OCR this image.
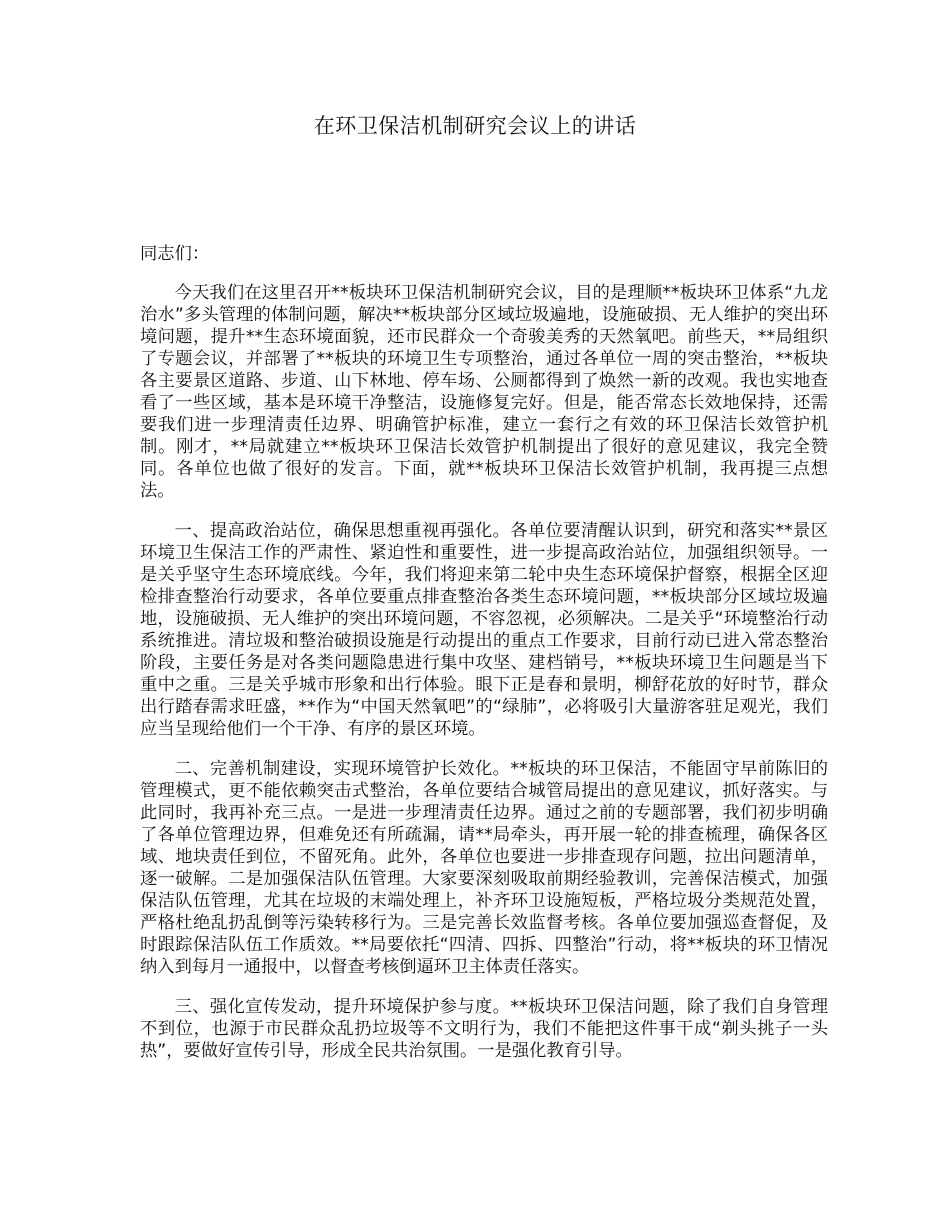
在环卫保洁机制研究会议上的讲话

同志们：

今天我们在这里召开**板块环卫保洁机制研究会议，目的是理顺**板块环卫体系“九龙治水”多头管理的体制问题，解决**板块部分区域垃圾遍地，设施破损、无人维护的突出环境问题，提升**生态环境面貌，还市民群众一个奇骏美秀的天然氧吧。前些天，**局组织了专题会议，并部署了**板块的环境卫生专项整治，通过各单位一周的突击整治，**板块各主要景区道路、步道、山下林地、停车场、公厕都得到了焕然一新的改观。我也实地查看了一些区域，基本是环境干净整洁，设施修复完好。但是，能否常态长效地保持，还需要我们进一步理清责任边界、明确管护标准，建立一套行之有效的环卫保洁长效管护机制。刚才，**局就建立**板块环卫保洁长效管护机制提出了很好的意见建议，我完全赞同。各单位也做了很好的发言。下面，就**板块环卫保洁长效管护机制，我再提三点想法。

一、提高政治站位，确保思想重视再强化。各单位要清醒认识到，研究和落实**景区环境卫生保洁工作的严肃性、紧迫性和重要性，进一步提高政治站位，加强组织领导。一是关乎坚守生态环境底线。今年，我们将迎来第二轮中央生态环境保护督察，根据全区迎检排查整治行动要求，各单位要重点排查整治各类生态环境问题，**板块部分区域垃圾遍地，设施破损、无人维护的突出环境问题，不容忽视，必须解决。二是关乎“环境整治行动系统推进。清垃圾和整治破损设施是行动提出的重点工作要求，目前行动已进入常态整治阶段，主要任务是对各类问题隐患进行集中攻坚、建档销号，**板块环境卫生问题是当下重中之重。三是关乎城市形象和出行体验。眼下正是春和景明，柳舒花放的好时节，群众出行踏春需求旺盛，**作为“中国天然氧吧”的“绿肺”，必将吸引大量游客驻足观光，我们应当呈现给他们一个干净、有序的景区环境。

二、完善机制建设，实现环境管护长效化。**板块的环卫保洁，不能固守早前陈旧的管理模式，更不能依赖突击式整治，各单位要结合城管局提出的意见建议，抓好落实。与此同时，我再补充三点。一是进一步理清责任边界。通过之前的专题部署，我们初步明确了各单位管理边界，但难免还有所疏漏，请**局牵头，再开展一轮的排查梳理，确保各区域、地块责任到位，不留死角。此外，各单位也要进一步排查现存问题，拉出问题清单，逐一破解。二是加强保洁队伍管理。大家要深刻吸取前期经验教训，完善保洁模式，加强保洁队伍管理，尤其在垃圾的末端处理上，补齐环卫设施短板，严格垃圾分类规范处置，严格杜绝乱扔乱倒等污染转移行为。三是完善长效监督考核。各单位要加强巡查督促，及时跟踪保洁队伍工作质效。**局要依托“四清、四拆、四整治”行动，将**板块的环卫情况纳入到每月一通报中，以督查考核倒逼环卫主体责任落实。

三、强化宣传发动，提升环境保护参与度。**板块环卫保洁问题，除了我们自身管理不到位，也源于市民群众乱扔垃圾等不文明行为，我们不能把这件事干成“剃头挑子一头热”，要做好宣传引导，形成全民共治氛围。一是强化教育引导。
